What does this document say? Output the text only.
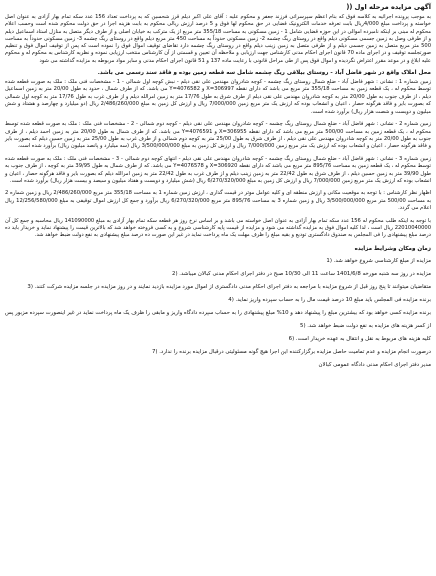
آگهی مزایده مرحله اول ((

به موجب پرونده اجرائیه به کلاسه فوق که بنام اعظم سپرسراتی فرزند جعفر و محکوم علیه : آقای علی اکبر دیلم قرز شحسین که به پرداخت تعداد 156 عدد سکه تمام بهار آزادی به عنوان اصل خواسته و پرداخت مبلغ 4/000ریال بابت تعرفه خدمات الکترونیک قضایی در حق محکوم لها فوق و 5 درصد ارزش ریالی محکوم به بابت هزینه اجرا در حق دولت محکوم شده است وحسب اعلام محکوم له مبنی بر اینکه نامبرده اموالی در این حوزه قضایی شامل 1 - زمین مسکونی به مساحت 355/18 متر مربع از یک مترکب به خیابان اصلی و از طرف دیگر متصل به منازل استاد اسماعیل دیلم و از طرفی وصل به زمین جسمی مسکونی دیلم واقع در روستای ریگ چشمه 2- زمین مسکونی حدوداً به مساحت 450 متر مربع دیلم واقع در روستای ریگ چشمه 3- زمین مسکونی حدوداً به مساحت 500 متر مربع متصل به زمین جسمی دیلم و از طرفی متصل به زمین زینب دیلم واقع در روستای ریگ چشمه دارد تقاضای توقیف اموال فوق را نموده است که پس از توقیف اموال فوق و تنظیم صورتجلسه توقیف و در اجرای ماده 70 قانون اجرای احکام مدنی کارشناس جهت ارزیابی و ملاحظه آن تعیین و قسمتی از آن کارشناس منتخب ارزیابی نموده و نظریه کارشناس به محکوم له و محکوم علیه ابلاغ و در موعد مقرر اعتراض نگردیده و اموال فوق پس از طی مراحل قانونی با رعایت ماده 137 و 51 قانون اجرای احکام مدنی و سایر مواد مربوطه به مزایده گذاشته می شود

محل املاک واقع در شهر فاضل آباد - روستای بیلاقی ریگ چشمه شامل سه قطعه زمین بوده و فاقد سند رسمی می باشد.

زمین شماره 1 : نشانی : شهر فاضل آباد - ضلع شمال روستای ریگ چشمه - کوچه شادروان مهندس علی نقی دیلم - نبش کوچه اول شمالی - 1 - مشخصات فنی ملک : ملک به صورت قطعه شده توسط محکوم له ، یک قطعه زمین به مساحت 355/18 متر مربع می باشد که دارای نقطه 306997=X و 4076582=Y می باشد. که از طرف شمال ، حدود به طول 20/00 متر به زمین اسماعیل دیلم ، از طرف جنوب به طول 20/00 متر به کوچه شادروان مهندس علی نقی دیلم از طرف شرق به طول 17/76 متر به زمین امرالله دیلم و از طرف غرب به طول 17/76 متر به کوچه اول شمالی که بصورت بایر و فاقد هرگونه حصار ، اعیان و انشعاب بوده که ارزش یک متر مربع زمین 7/000/000 ریال و ارزش کل زمین به مبلغ 2/486/260/000 ریال (دو میلیارد و چهارصد و هشتاد و شش میلیون و دویست و شصت هزار ریال) برآورد شده است.

زمین شماره 2 - نشانی : شهر فاضل آباد - ضلع شمال روستای ریگ چشمه - کوچه شادروان مهندس علی نقی دیلم - کوچه دوم شمالی - 2 - مشخصات فنی ملک : ملک به صورت قطعه شده توسط محکوم له ، یک قطعه زمین به مساحت 500/00 متر مربع می باشد که دارای نقطه 306955=X و 4076591=Y می باشد. که از طرف شمال به طول 20/00 متر به زمین احمد دیلم ، از طرف جنوب به طول 20/00 متر به کوچه شادروان مهندس علی نقی دیلم ، از طرف شرق به طول 25/00 متر به کوچه دوم شمالی و از طرف غرب به طول 25/00 متر به زمین حسین دیلم که بصورت بایر و فاقد هرگونه حصار ، اعیان و انشعاب بوده که ارزش یک متر مربع زمین 7/000/000 ریال و ارزش کل زمین به مبلغ 3/500/000/000 ریال (سه میلیارد و پانصد میلیون ریال) برآورد شده است.

زمین شماره 3 - نشانی : شهر فاضل آباد - ضلع شمال روستای ریگ چشمه - کوچه شادروان مهندس علی نقی دیلم - انتهای کوچه دوم شمالی - 3 - مشخصات فنی ملک : ملک به صورت قطعه شده توسط محکوم له ، یک قطعه زمین به مساحت 895/76 متر مربع می باشد که دارای نقطه 306920=X و 4076578=Y می باشد. که از طرف شمال به طول 39/95 متر به کوچه ، از طرف جنوب به طول 39/90 متر به زمین حسین دیلم ، از طرف شرق به طول 22/42 متر به زمین زینب دیلم و از طرف غرب به طول 22/42 متر به زمین امرالله دیلم که بصورت بایر و فاقد هرگونه حصار ، اعیان و انشعاب بوده که ارزش یک متر مربع زمین 7/000/000 ریال و ارزش کل زمین به مبلغ 6/270/320/000 ریال (شش میلیارد و دویست و هفتاد میلیون و سیصد و بیست هزار ریال) برآورد شده است.

اظهار نظر کارشناس : با توجه به موقعیت مکانی و ارزش منطقه ای و کلیه عوامل موثر در قیمت گذاری ، ارزش زمین شماره 1 به مساحت 355/18 متر مربع 2/486/260/000 ریال و زمین شماره 2 به مساحت 500/00 متر مربع 3/500/000/000 ریال و زمین شماره 3 به مساحت 895/76 متر مربع 6/270/320/000 ریال برآورد و جمع کل ارزش اموال توقیفی به مبلغ 12/256/580/000 ریال اعلام می گردد.

با توجه به اینکه طلب محکوم له 156 عدد سکه تمام بهار آزادی به عنوان اصل خواسته می باشد و بر اساس نرخ روز هر قطعه سکه تمام بهار آزادی به مبلغ 141090000 ریال محاسبه و جمع کل آن 22010040000 ریال است ، لذا کلیه اموال فوق به مزایده گذاشته می شود و مزایده از قیمت پایه کارشناسی شروع و به کسی فروخته خواهد شد که بالاترین قیمت را پیشنهاد نماید و خریدار باید ده درصد مبلغ پیشنهادی را فی المجلس به صندوق دادگستری تودیع و بقیه مبلغ را ظرف مهلت یک ماه پرداخت نماید در غیر این صورت ده درصد مبلغ پیشنهادی به نفع دولت ضبط خواهد شد.

زمان ومکان وشرایط مزایده

مزایده از مبلغ کارشناسی شروع خواهد شد. (1

مزایده در روز سه شنبه مورخه 1401/6/8 ساعت 11 الی 10/30 صبح در دفتر اجرای احکام مدنی کبالان میباشد. (2

متقاضیان میتوانند تا پنج روز قبل از شروع مزایده با مراجعه به دفتر اجرای احکام مدنی دادگستری از اموال مورد مزایده بازدید نمایند و در روز مزایده در جلسه مزایده شرکت کنند. (3

برنده مزایده فی المجلس باید مبلغ 10 درصد قیمت مال را به حساب سپرده واریز نماید. (4

برنده مزایده کسی خواهد بود که بیشترین مبلغ را پیشنهاد دهد و 10% مبلغ پیشنهادی را به حساب سپرده دادگاه واریز و مابقی را ظرف یک ماه پرداخت نماید در غیر اینصورت سپرده مزبور پس از کسر هزینه های مزایده به نفع دولت ضبط خواهد شد. (5

کلیه هزینه های مربوط به نقل و انتقال به عهده خریدار است. (6

درصورت انجام مزایده و عدم تمامیت حاصل مزایده برگزارکننده این اجرا هیچ گونه مسئولیتی درقبال مزایده برنده را ندارد. (7

مدیر دفتر اجرای احکام مدنی دادگاه عمومی کبالان
